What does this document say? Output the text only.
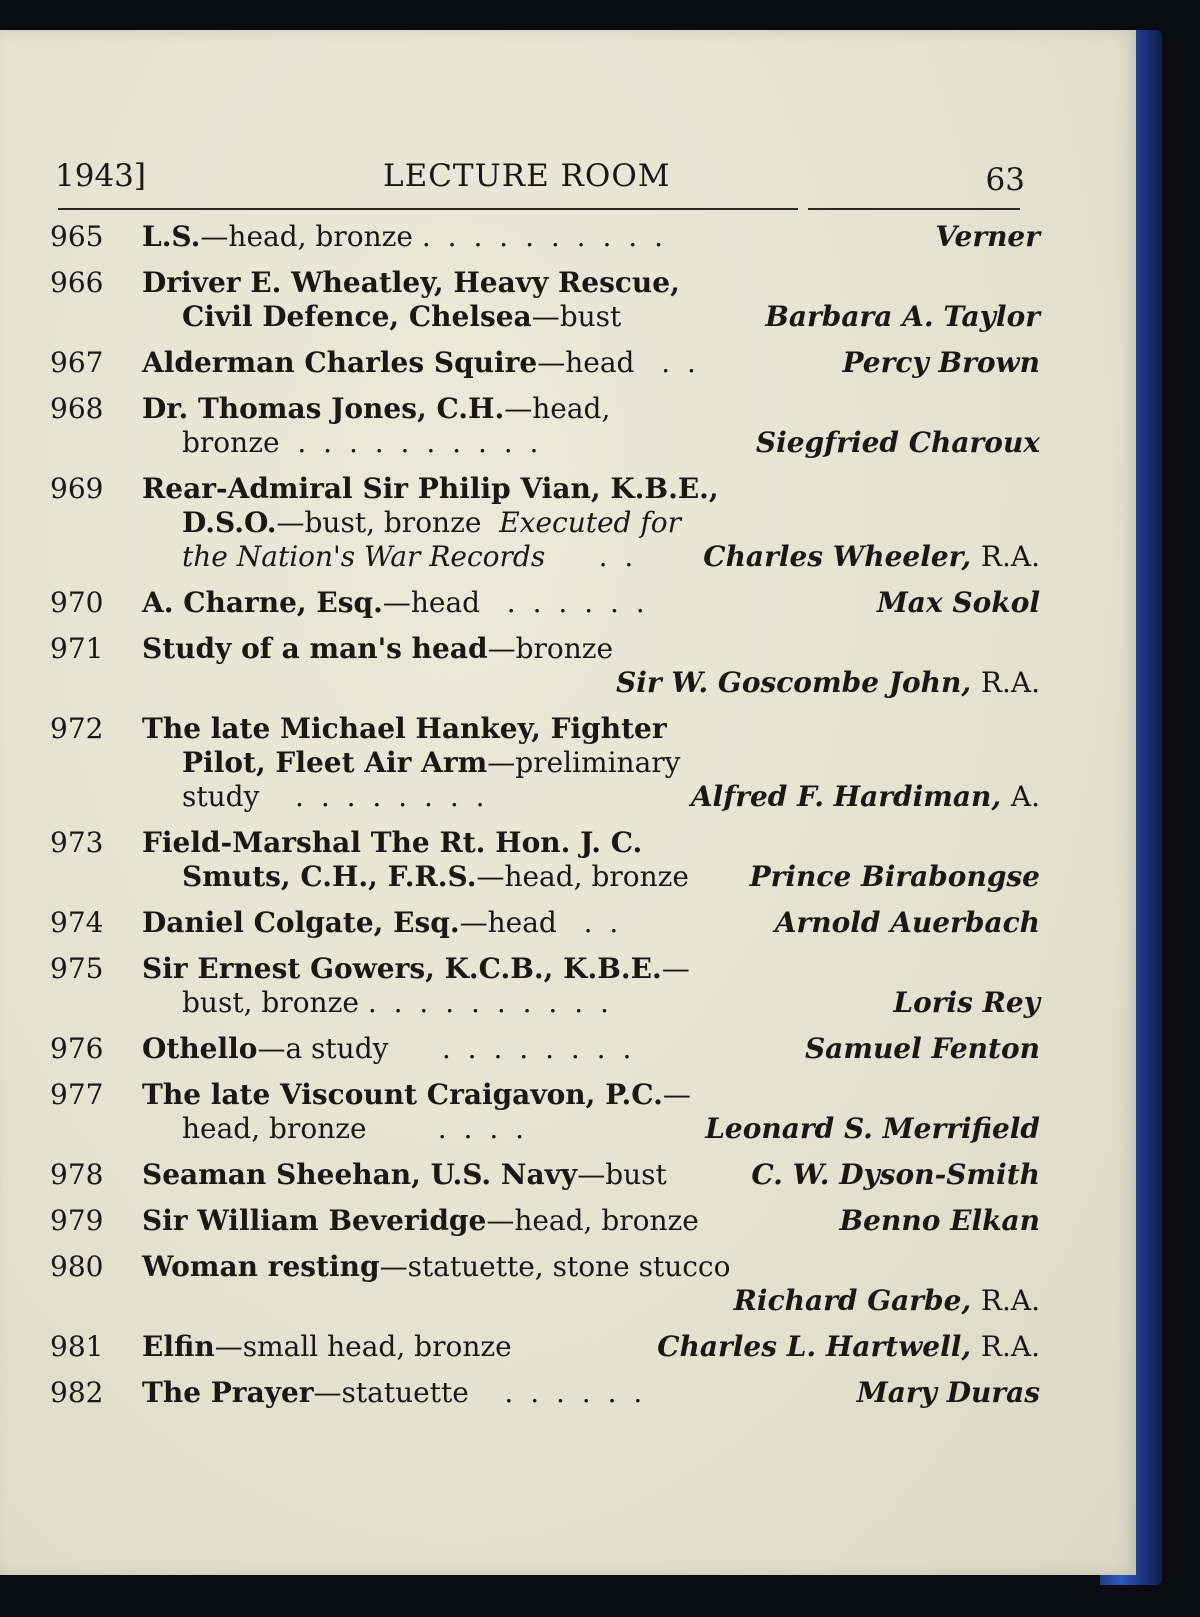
1943]	LECTURE ROOM	63
965	L.S.—head, bronze . . . . . . . . . .	Verner
966	Driver E. Wheatley, Heavy Rescue,
Civil Defence, Chelsea—bust	Barbara A. Taylor
967	Alderman Charles Squire—head . .	Percy Brown
968	Dr. Thomas Jones, C.H.—head,
bronze . . . . . . . . . .	Siegfried Charoux
969	Rear-Admiral Sir Philip Vian, K.B.E.,
D.S.O.—bust, bronze Executed for
the Nation's War Records . . Charles Wheeler, R.A.
970	A. Charne, Esq.—head . . . . . .	Max Sokol
971	Study of a man's head—bronze
Sir W. Goscombe John, R.A.
972	The late Michael Hankey, Fighter
Pilot, Fleet Air Arm—preliminary
study . . . . . . . .	Alfred F. Hardiman, A.
973	Field-Marshal The Rt. Hon. J. C.
Smuts, C.H., F.R.S.—head, bronze Prince Birabongse
974	Daniel Colgate, Esq.—head . .	Arnold Auerbach
975	Sir Ernest Gowers, K.C.B., K.B.E.—
bust, bronze . . . . . . . . . .	Loris Rey
976	Othello—a study . . . . . . . .	Samuel Fenton
977	The late Viscount Craigavon, P.C.—
head, bronze	. . . .	Leonard S. Merrifield
978	Seaman Sheehan, U.S. Navy—bust	C. W. Dyson-Smith
979	Sir William Beveridge—head, bronze	Benno Elkan
980	Woman resting—statuette, stone stucco
Richard Garbe, R.A.
981	Elfin—small head, bronze	Charles L. Hartwell, R.A.
982	The Prayer—statuette . . . . . .	Mary Duras
